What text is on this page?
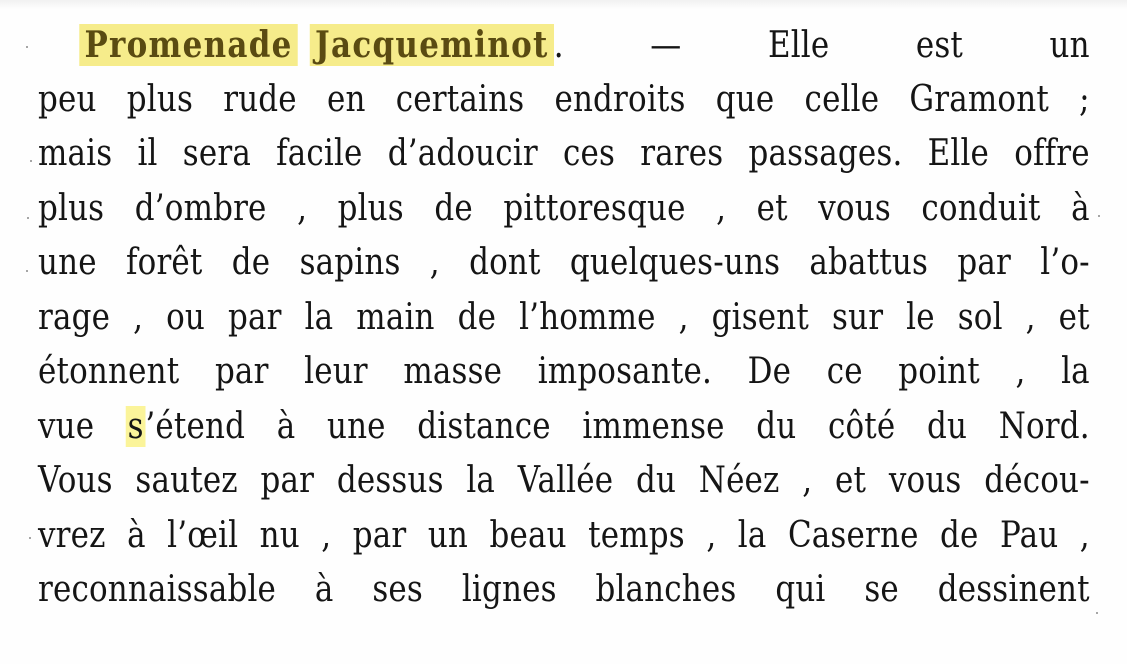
Promenade Jacqueminot . — Elle est un
peu plus rude en certains endroits que celle Gramont ;
mais il sera facile d’adoucir ces rares passages. Elle offre
plus d’ombre , plus de pittoresque , et vous conduit à
une forêt de sapins , dont quelques-uns abattus par l’o-
rage , ou par la main de l’homme , gisent sur le sol , et
étonnent par leur masse imposante. De ce point , la
vue s’étend à une distance immense du côté du Nord.
Vous sautez par dessus la Vallée du Néez , et vous décou-
vrez à l’œil nu , par un beau temps , la Caserne de Pau ,
reconnaissable à ses lignes blanches qui se dessinent
